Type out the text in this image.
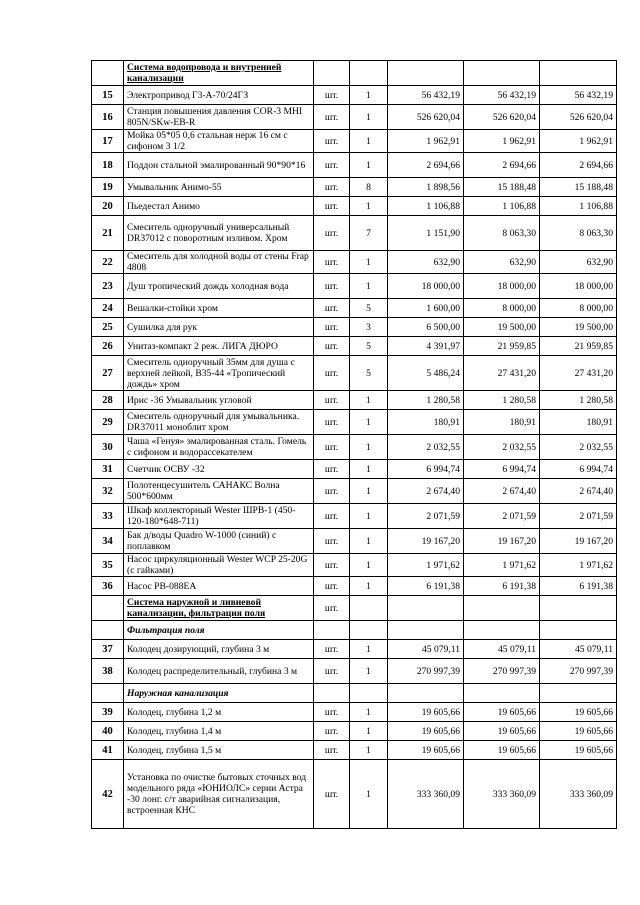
	Система водопровода и внутренней канализации					
15	Электропривод Г3-А-70/24ГЗ	шт.	1	56 432,19	56 432,19	56 432,19
16	Станция повышения давления COR-3 MHI 805N/SKw-EB-R	шт.	1	526 620,04	526 620,04	526 620,04
17	Мойка 05*05 0,6 стальная нерж 16 см с сифоном 3 1/2	шт.	1	1 962,91	1 962,91	1 962,91
18	Поддон стальной эмалированный 90*90*16	шт.	1	2 694,66	2 694,66	2 694,66
19	Умывальник Анимо-55	шт.	8	1 898,56	15 188,48	15 188,48
20	Пьедестал Анимо	шт.	1	1 106,88	1 106,88	1 106,88
21	Смеситель одноручный универсальный DR37012 с поворотным изливом. Хром	шт.	7	1 151,90	8 063,30	8 063,30
22	Смеситель для холодной воды от стены Frap 4808	шт.	1	632,90	632,90	632,90
23	Душ тропический дождь холодная вода	шт.	1	18 000,00	18 000,00	18 000,00
24	Вешалки-стойки хром	шт.	5	1 600,00	8 000,00	8 000,00
25	Сушилка для рук	шт.	3	6 500,00	19 500,00	19 500,00
26	Унитаз-компакт 2 реж. ЛИГА ДЮРО	шт.	5	4 391,97	21 959,85	21 959,85
27	Смеситель одноручный 35мм для душа с верхней лейкой, B35-44 «Тропический дождь» хром	шт.	5	5 486,24	27 431,20	27 431,20
28	Ирис -36 Умывальник угловой	шт.	1	1 280,58	1 280,58	1 280,58
29	Смеситель одноручный для умывальника. DR37011 моноблит хром	шт.	1	180,91	180,91	180,91
30	Чаша «Генуя» эмалированная сталь. Гомель с сифоном и водорассекателем	шт.	1	2 032,55	2 032,55	2 032,55
31	Счетчик ОСВУ -32	шт.	1	6 994,74	6 994,74	6 994,74
32	Полотенцесушитель САНАКС Волна 500*600мм	шт.	1	2 674,40	2 674,40	2 674,40
33	Шкаф коллекторный Wester ШРВ-1 (450-120-180*648-711)	шт.	1	2 071,59	2 071,59	2 071,59
34	Бак д/воды Quadro W-1000 (синий) с поплавком	шт.	1	19 167,20	19 167,20	19 167,20
35	Насос циркуляционный Wester WCP 25-20G (с гайками)	шт.	1	1 971,62	1 971,62	1 971,62
36	Насос PB-088EA	шт.	1	6 191,38	6 191,38	6 191,38
	Система наружной и ливневой канализации, фильтрация поля	шт.				
	Фильтрация поля					
37	Колодец дозирующий, глубина 3 м	шт.	1	45 079,11	45 079,11	45 079,11
38	Колодец распределительный, глубина 3 м	шт.	1	270 997,39	270 997,39	270 997,39
	Наружная канализация					
39	Колодец, глубина 1,2 м	шт.	1	19 605,66	19 605,66	19 605,66
40	Колодец, глубина 1,4 м	шт.	1	19 605,66	19 605,66	19 605,66
41	Колодец, глубина 1,5 м	шт.	1	19 605,66	19 605,66	19 605,66
42	Установка по очистке бытовых сточных вод модельного ряда «ЮНИОЛС» серии Астра -30 лонг. с/т аварийная сигнализация, встроенная КНС	шт.	1	333 360,09	333 360,09	333 360,09
